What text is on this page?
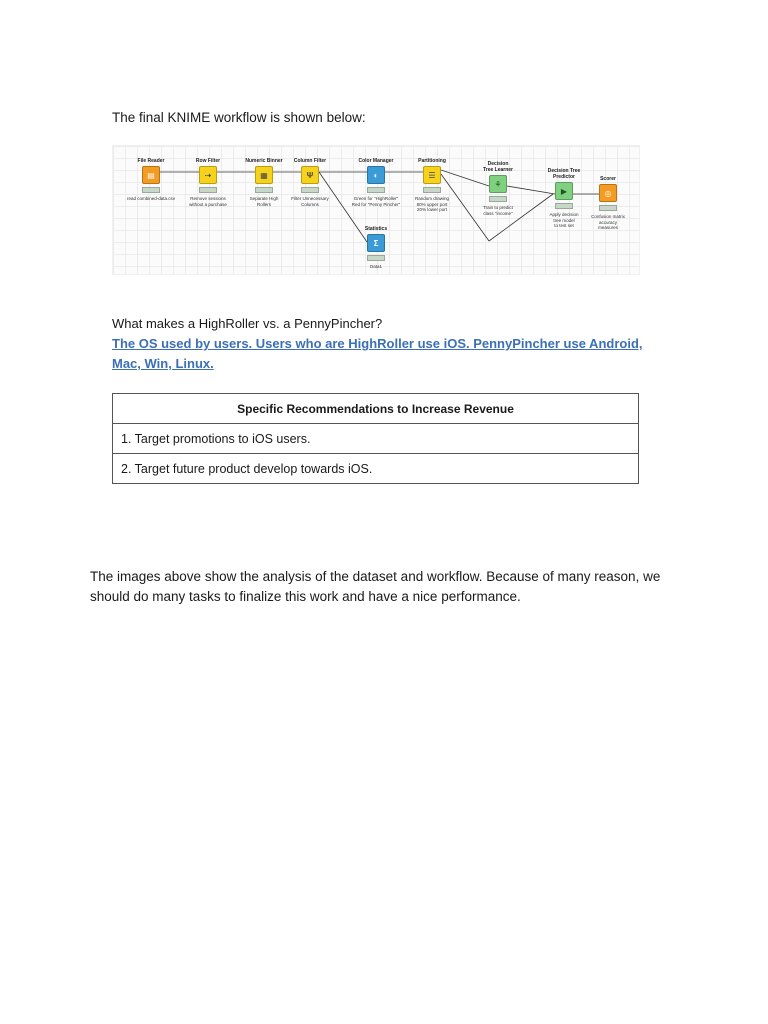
The final KNIME workflow is shown below:
File Reader
▤
read combined-data.csv
Row Filter
⇢
Remove sessions
without a purchase
Numeric Binner
▦
Separate High
Rollers
Column Filter
Ψ
Filter Unnecessary
Columns
Color Manager
◐
Green for "HighRoller"
Red for "Penny Pincher"
Partitioning
☰
Random drawing
80% upper port
20% lower port
Decision
Tree Learner
⚘
Train to predict
class "income"
Decision Tree
Predictor
▶
Apply decision
tree model
to test set
Scorer
◎
Confusion matrix
accuracy
measures
Statistics
Σ
Data1
What makes a HighRoller vs. a PennyPincher?
The OS used by users. Users who are HighRoller use iOS. PennyPincher use Android, Mac, Win, Linux.
Specific Recommendations to Increase Revenue
1. Target promotions to iOS users.
2. Target future product develop towards iOS.
The images above show the analysis of the dataset and workflow. Because of many reason, we should do many tasks to finalize this work and have a nice performance.
